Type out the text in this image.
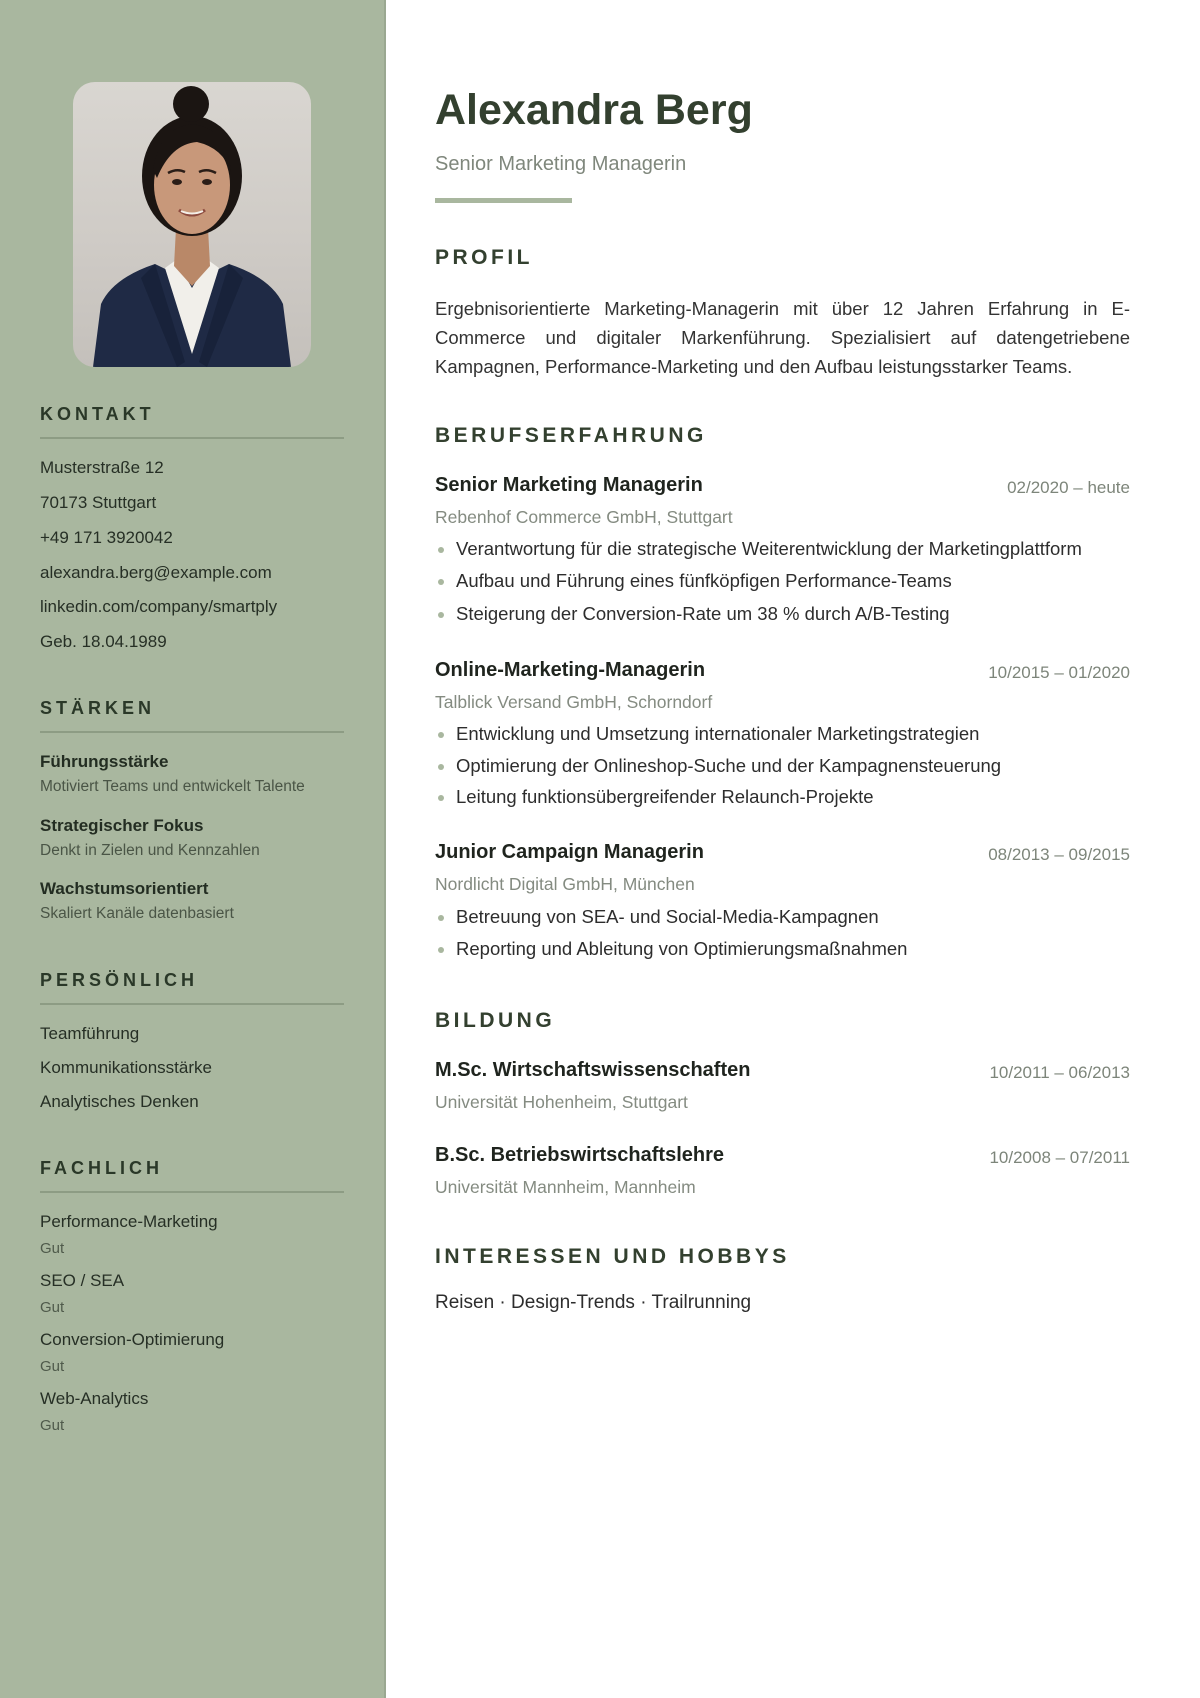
KONTAKT
Musterstraße 12
70173 Stuttgart
+49 171 3920042
alexandra.berg@example.com
linkedin.com/company/smartply
Geb. 18.04.1989
STÄRKEN
Führungsstärke
Motiviert Teams und entwickelt Talente
Strategischer Fokus
Denkt in Zielen und Kennzahlen
Wachstumsorientiert
Skaliert Kanäle datenbasiert
PERSÖNLICH
Teamführung
Kommunikationsstärke
Analytisches Denken
FACHLICH
Performance-Marketing
Gut
SEO / SEA
Gut
Conversion-Optimierung
Gut
Web-Analytics
Gut
Alexandra Berg
Senior Marketing Managerin
PROFIL
Ergebnisorientierte Marketing-Managerin mit über 12 Jahren Erfahrung in E-Commerce und digitaler Markenführung. Spezialisiert auf datengetriebene Kampagnen, Performance-Marketing und den Aufbau leistungsstarker Teams.
BERUFSERFAHRUNG
Senior Marketing Managerin	02/2020 – heute
Rebenhof Commerce GmbH, Stuttgart
Verantwortung für die strategische Weiterentwicklung der Marketingplattform
Aufbau und Führung eines fünfköpfigen Performance-Teams
Steigerung der Conversion-Rate um 38 % durch A/B-Testing
Online-Marketing-Managerin	10/2015 – 01/2020
Talblick Versand GmbH, Schorndorf
Entwicklung und Umsetzung internationaler Marketingstrategien
Optimierung der Onlineshop-Suche und der Kampagnensteuerung
Leitung funktionsübergreifender Relaunch-Projekte
Junior Campaign Managerin	08/2013 – 09/2015
Nordlicht Digital GmbH, München
Betreuung von SEA- und Social-Media-Kampagnen
Reporting und Ableitung von Optimierungsmaßnahmen
BILDUNG
M.Sc. Wirtschaftswissenschaften	10/2011 – 06/2013
Universität Hohenheim, Stuttgart
B.Sc. Betriebswirtschaftslehre	10/2008 – 07/2011
Universität Mannheim, Mannheim
INTERESSEN UND HOBBYS
Reisen · Design-Trends · Trailrunning
